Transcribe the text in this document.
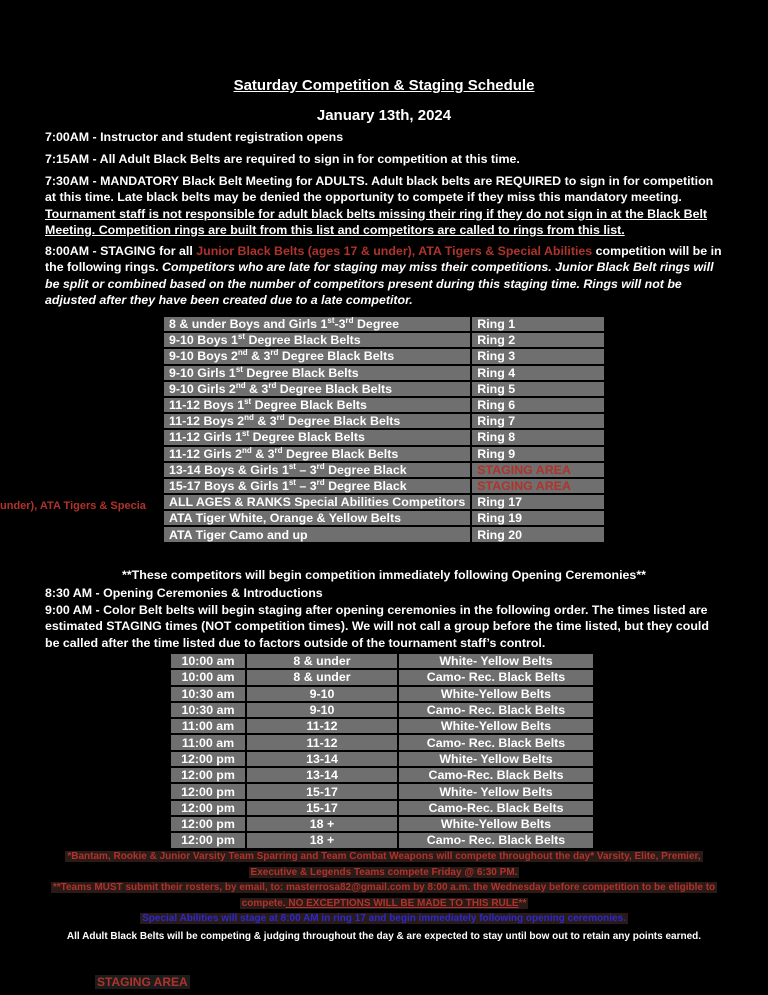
Saturday Competition & Staging Schedule
January 13th, 2024
7:00AM - Instructor and student registration opens
7:15AM - All Adult Black Belts are required to sign in for competition at this time.
7:30AM - MANDATORY Black Belt Meeting for ADULTS. Adult black belts are REQUIRED to sign in for competition at this time. Late black belts may be denied the opportunity to compete if they miss this mandatory meeting. Tournament staff is not responsible for adult black belts missing their ring if they do not sign in at the Black Belt Meeting. Competition rings are built from this list and competitors are called to rings from this list.
8:00AM - STAGING for all Junior Black Belts (ages 17 & under), ATA Tigers & Special Abilities competition will be in the following rings. Competitors who are late for staging may miss their competitions. Junior Black Belt rings will be split or combined based on the number of competitors present during this staging time. Rings will not be adjusted after they have been created due to a late competitor.
8 & under Boys and Girls 1st-3rd Degree	Ring 1
9-10 Boys 1st Degree Black Belts	Ring 2
9-10 Boys 2nd & 3rd Degree Black Belts	Ring 3
9-10 Girls 1st Degree Black Belts	Ring 4
9-10 Girls 2nd & 3rd Degree Black Belts	Ring 5
11-12 Boys 1st Degree Black Belts	Ring 6
11-12 Boys 2nd & 3rd Degree Black Belts	Ring 7
11-12 Girls 1st Degree Black Belts	Ring 8
11-12 Girls 2nd & 3rd Degree Black Belts	Ring 9
13-14 Boys & Girls 1st – 3rd Degree Black	STAGING AREA
15-17 Boys & Girls 1st – 3rd Degree Black	STAGING AREA
ALL AGES & RANKS Special Abilities Competitors	Ring 17
ATA Tiger White, Orange & Yellow Belts	Ring 19
ATA Tiger Camo and up	Ring 20
**These competitors will begin competition immediately following Opening Ceremonies**
8:30 AM - Opening Ceremonies & Introductions
9:00 AM - Color Belt belts will begin staging after opening ceremonies in the following order. The times listed are estimated STAGING times (NOT competition times). We will not call a group before the time listed, but they could be called after the time listed due to factors outside of the tournament staff’s control.
10:00 am	8 & under	White- Yellow Belts
10:00 am	8 & under	Camo- Rec. Black Belts
10:30 am	9-10	White-Yellow Belts
10:30 am	9-10	Camo- Rec. Black Belts
11:00 am	11-12	White-Yellow Belts
11:00 am	11-12	Camo- Rec. Black Belts
12:00 pm	13-14	White- Yellow Belts
12:00 pm	13-14	Camo-Rec. Black Belts
12:00 pm	15-17	White- Yellow Belts
12:00 pm	15-17	Camo-Rec. Black Belts
12:00 pm	18 +	White-Yellow Belts
12:00 pm	18 +	Camo- Rec. Black Belts
*Bantam, Rookie & Junior Varsity Team Sparring and Team Combat Weapons will compete throughout the day* Varsity, Elite, Premier,
Executive & Legends Teams compete Friday @ 6:30 PM.
**Teams MUST submit their rosters, by email, to: masterrosa82@gmail.com by 8:00 a.m. the Wednesday before competition to be eligible to
compete. NO EXCEPTIONS WILL BE MADE TO THIS RULE**
Special Abilities will stage at 8:00 AM in ring 17 and begin immediately following opening ceremonies.
All Adult Black Belts will be competing & judging throughout the day & are expected to stay until bow out to retain any points earned.
under), ATA Tigers & Specia
STAGING AREA
